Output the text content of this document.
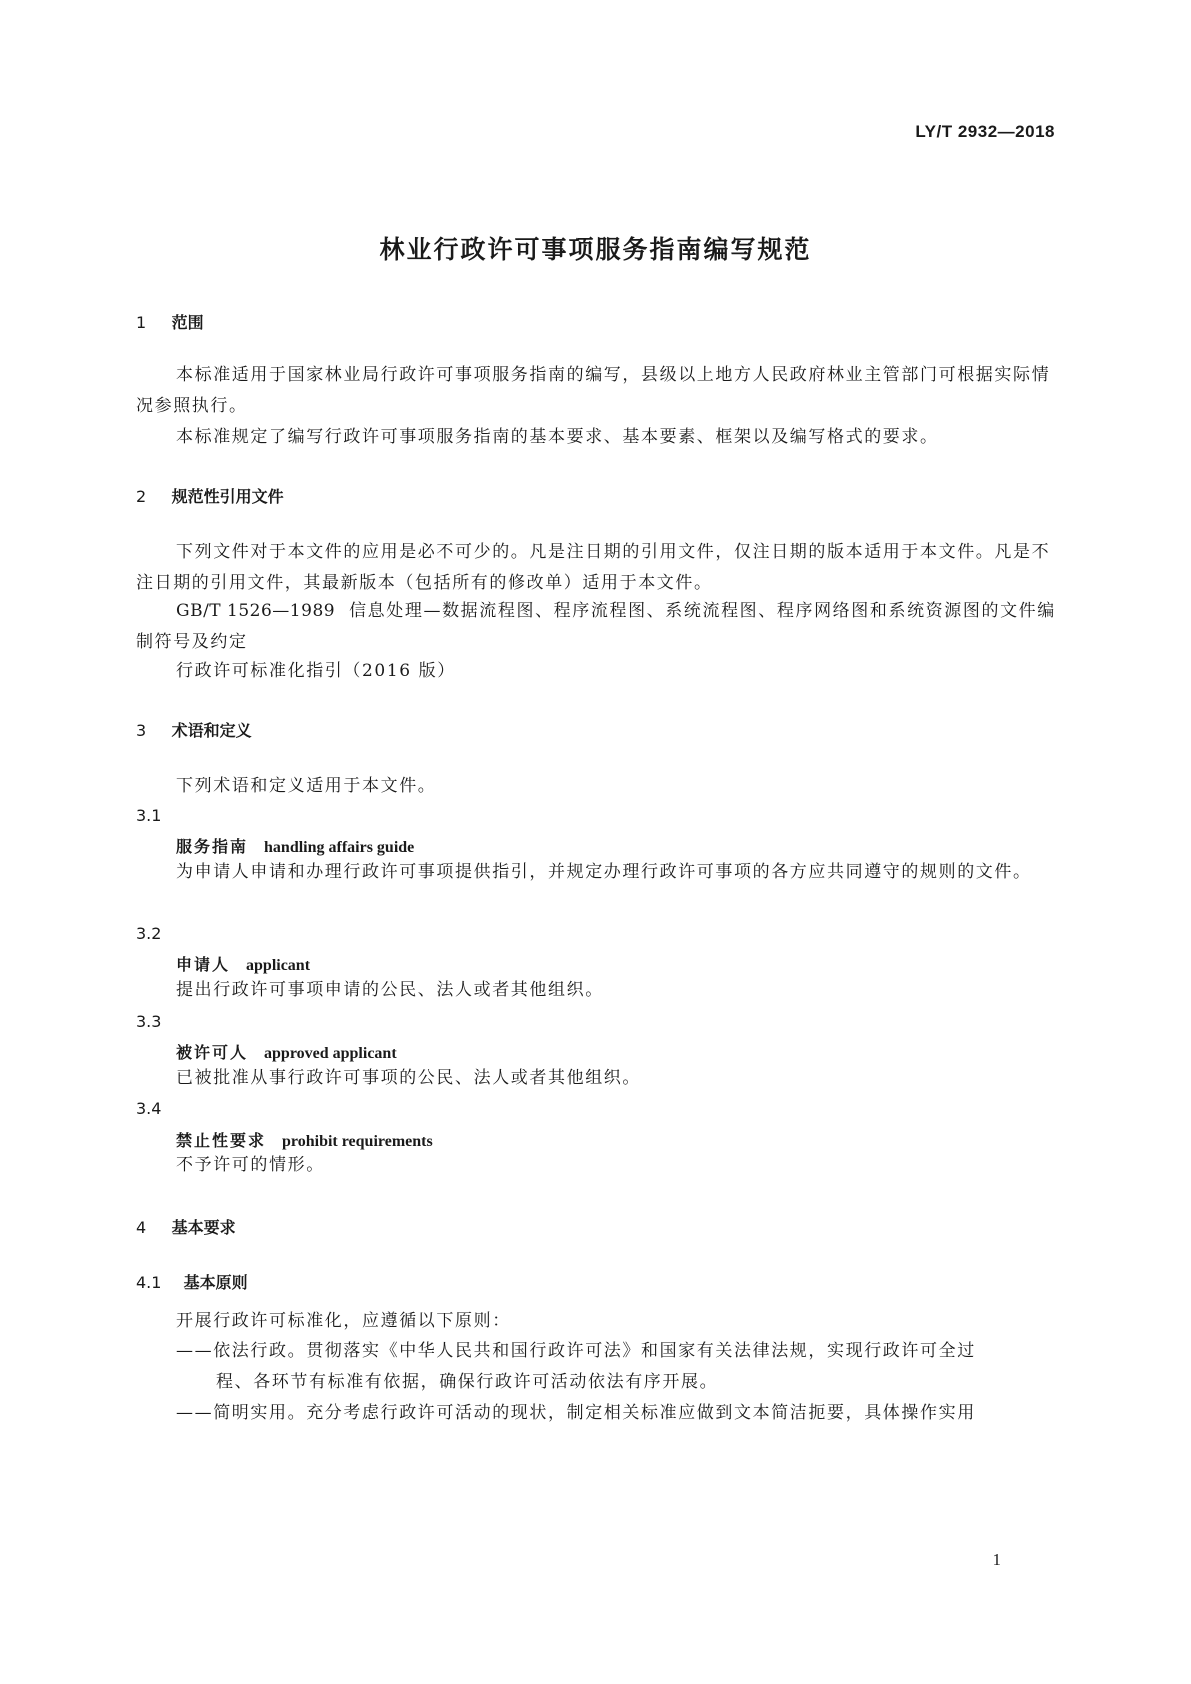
LY/T 2932—2018
林业行政许可事项服务指南编写规范
1 范围
本标准适用于国家林业局行政许可事项服务指南的编写，县级以上地方人民政府林业主管部门可根据实际情况参照执行。
本标准规定了编写行政许可事项服务指南的基本要求、基本要素、框架以及编写格式的要求。
2 规范性引用文件
下列文件对于本文件的应用是必不可少的。凡是注日期的引用文件，仅注日期的版本适用于本文件。凡是不注日期的引用文件，其最新版本（包括所有的修改单）适用于本文件。
GB/T 1526—1989 信息处理—数据流程图、程序流程图、系统流程图、程序网络图和系统资源图的文件编制符号及约定
行政许可标准化指引（2016 版）
3 术语和定义
下列术语和定义适用于本文件。
3.1
服务指南 handling affairs guide
为申请人申请和办理行政许可事项提供指引，并规定办理行政许可事项的各方应共同遵守的规则的文件。
3.2
申请人 applicant
提出行政许可事项申请的公民、法人或者其他组织。
3.3
被许可人 approved applicant
已被批准从事行政许可事项的公民、法人或者其他组织。
3.4
禁止性要求 prohibit requirements
不予许可的情形。
4 基本要求
4.1 基本原则
开展行政许可标准化，应遵循以下原则：
——依法行政。贯彻落实《中华人民共和国行政许可法》和国家有关法律法规，实现行政许可全过
程、各环节有标准有依据，确保行政许可活动依法有序开展。
——简明实用。充分考虑行政许可活动的现状，制定相关标准应做到文本简洁扼要，具体操作实用
1
